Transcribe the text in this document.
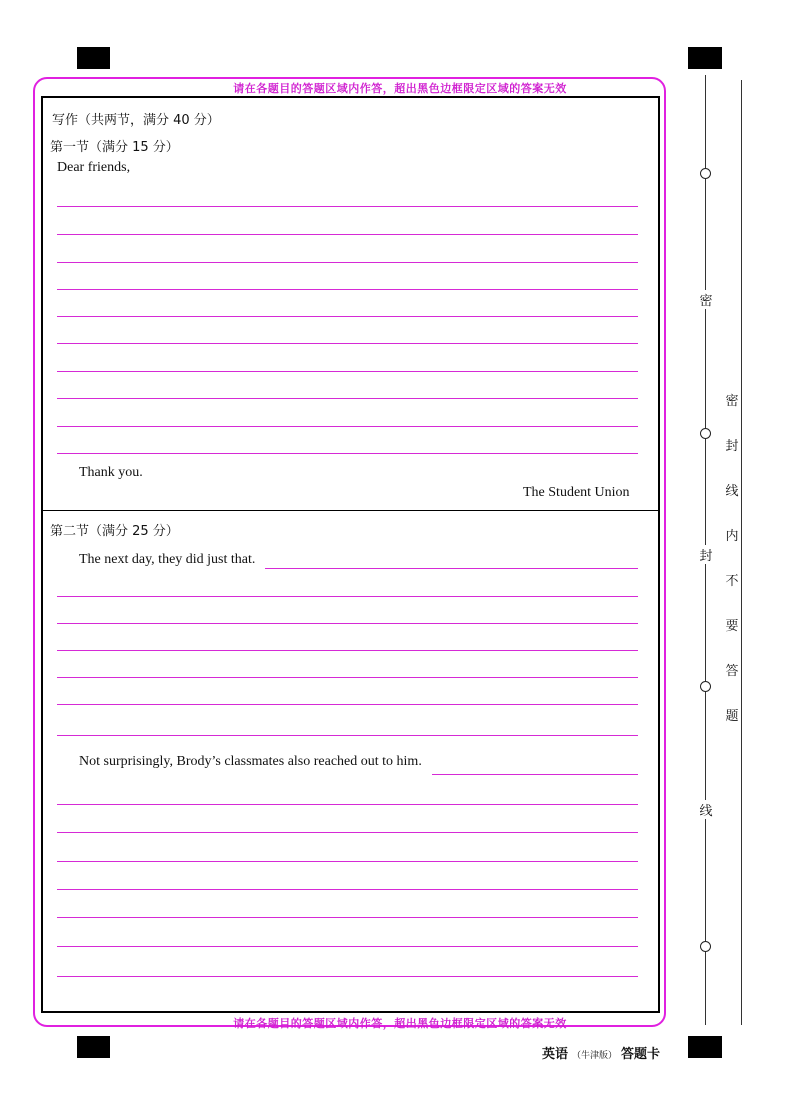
请在各题目的答题区域内作答，超出黑色边框限定区域的答案无效
请在各题目的答题区域内作答，超出黑色边框限定区域的答案无效
写作（共两节，满分 40 分）
第一节（满分 15 分）
Dear friends,
Thank you.
The Student Union
第二节（满分 25 分）
The next day, they did just that.
Not surprisingly, Brody’s classmates also reached out to him.
密
封
线
密
封
线
内
不
要
答
题
英语 （牛津版） 答题卡
